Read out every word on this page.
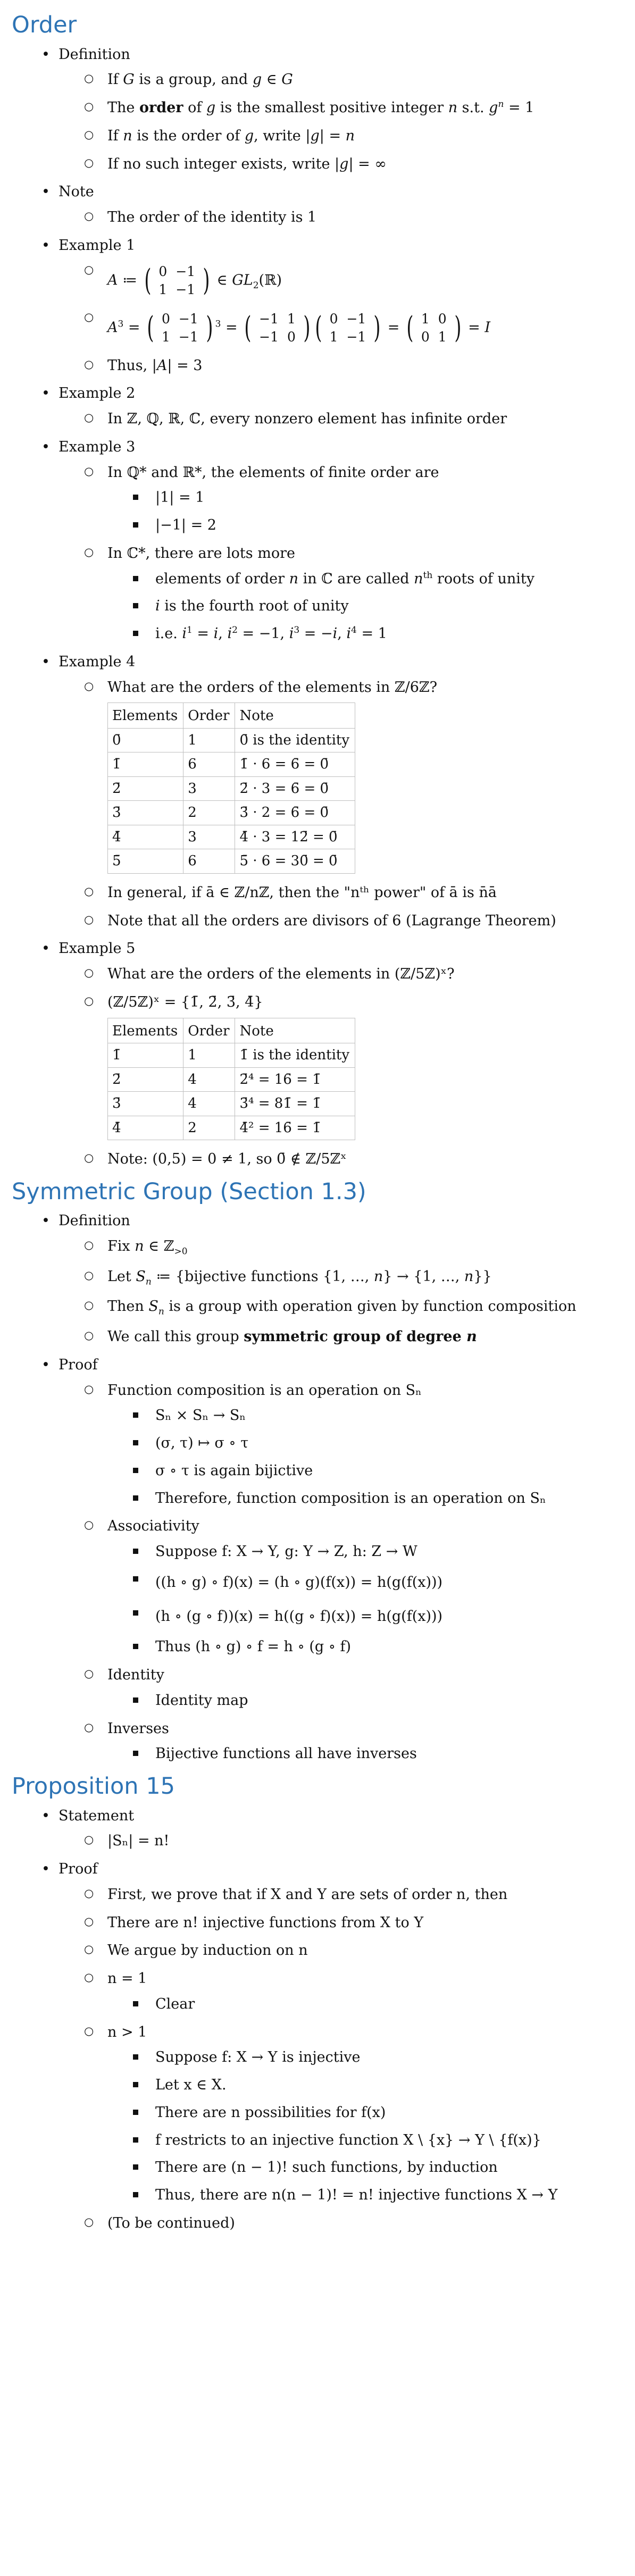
Order
• Definition
○ If G is a group, and g ∈ G
○ The order of g is the smallest positive integer n s.t. $g^n = 1$
○ If n is the order of g, write |g| = n
○ If no such integer exists, write |g| = ∞
• Note
○ The order of the identity is 1
• Example 1
○ A ≔ ( 0	−1
1	−1 ) ∈ $GL_2(ℝ)$
○ $A^3$ = ( 0	−1
1	−1 ) $^3$ = ( −1	1
−1	0 ) ( 0	−1
1	−1 ) = ( 1	0
0	1 ) = I
○ Thus, |A| = 3
• Example 2
○ In ℤ, ℚ, ℝ, ℂ, every nonzero element has infinite order
• Example 3
○ In ℚ* and ℝ*, the elements of finite order are
|1| = 1
|−1| = 2
○ In ℂ*, there are lots more
elements of order n in ℂ are called $n^{th}$ roots of unity
i is the fourth root of unity
i.e. $i^1 = i$, $i^2 = -1$, $i^3 = -i$, $i^4 = 1$
• Example 4
○ What are the orders of the elements in ℤ/6ℤ?
Elements	Order	Note
0̄	1	0̄ is the identity
1̄	6	1̄ · 6 = 6̄ = 0̄
2̄	3	2̄ · 3 = 6̄ = 0̄
3̄	2	3̄ · 2 = 6̄ = 0̄
4̄	3	4̄ · 3 = 12̄ = 0̄
5̄	6	5̄ · 6 = 30̄ = 0̄
○ In general, if ā ∈ ℤ/nℤ, then the "nᵗʰ power" of ā is n̄ā
○ Note that all the orders are divisors of 6 (Lagrange Theorem)
• Example 5
○ What are the orders of the elements in (ℤ/5ℤ)ˣ?
○ (ℤ/5ℤ)ˣ = {1̄, 2̄, 3̄, 4̄}
Elements	Order	Note
1̄	1	1̄ is the identity
2̄	4	2̄⁴ = 16̄ = 1̄
3̄	4	3̄⁴ = 81̄ = 1̄
4̄	2	4̄² = 16̄ = 1̄
○ Note: (0,5) = 0 ≠ 1, so 0̄ ∉ ℤ/5ℤˣ
Symmetric Group (Section 1.3)
• Definition
○ Fix n ∈ ℤ$_{>0}$
○ Let $S_n$ ≔ {bijective functions {1, …, n} → {1, …, n}}
○ Then $S_n$ is a group with operation given by function composition
○ We call this group symmetric group of degree n
• Proof
○ Function composition is an operation on Sₙ
Sₙ × Sₙ → Sₙ
(σ, τ) ↦ σ ∘ τ
σ ∘ τ is again bijictive
Therefore, function composition is an operation on Sₙ
○ Associativity
Suppose f: X → Y, g: Y → Z, h: Z → W
((h ∘ g) ∘ f)(x) = (h ∘ g)(f(x)) = h(g(f(x)))
(h ∘ (g ∘ f))(x) = h((g ∘ f)(x)) = h(g(f(x)))
Thus (h ∘ g) ∘ f = h ∘ (g ∘ f)
○ Identity
Identity map
○ Inverses
Bijective functions all have inverses
Proposition 15
• Statement
○ |Sₙ| = n!
• Proof
○ First, we prove that if X and Y are sets of order n, then
○ There are n! injective functions from X to Y
○ We argue by induction on n
○ n = 1
Clear
○ n > 1
Suppose f: X → Y is injective
Let x ∈ X.
There are n possibilities for f(x)
f restricts to an injective function X \ {x} → Y \ {f(x)}
There are (n − 1)! such functions, by induction
Thus, there are n(n − 1)! = n! injective functions X → Y
○ (To be continued)
